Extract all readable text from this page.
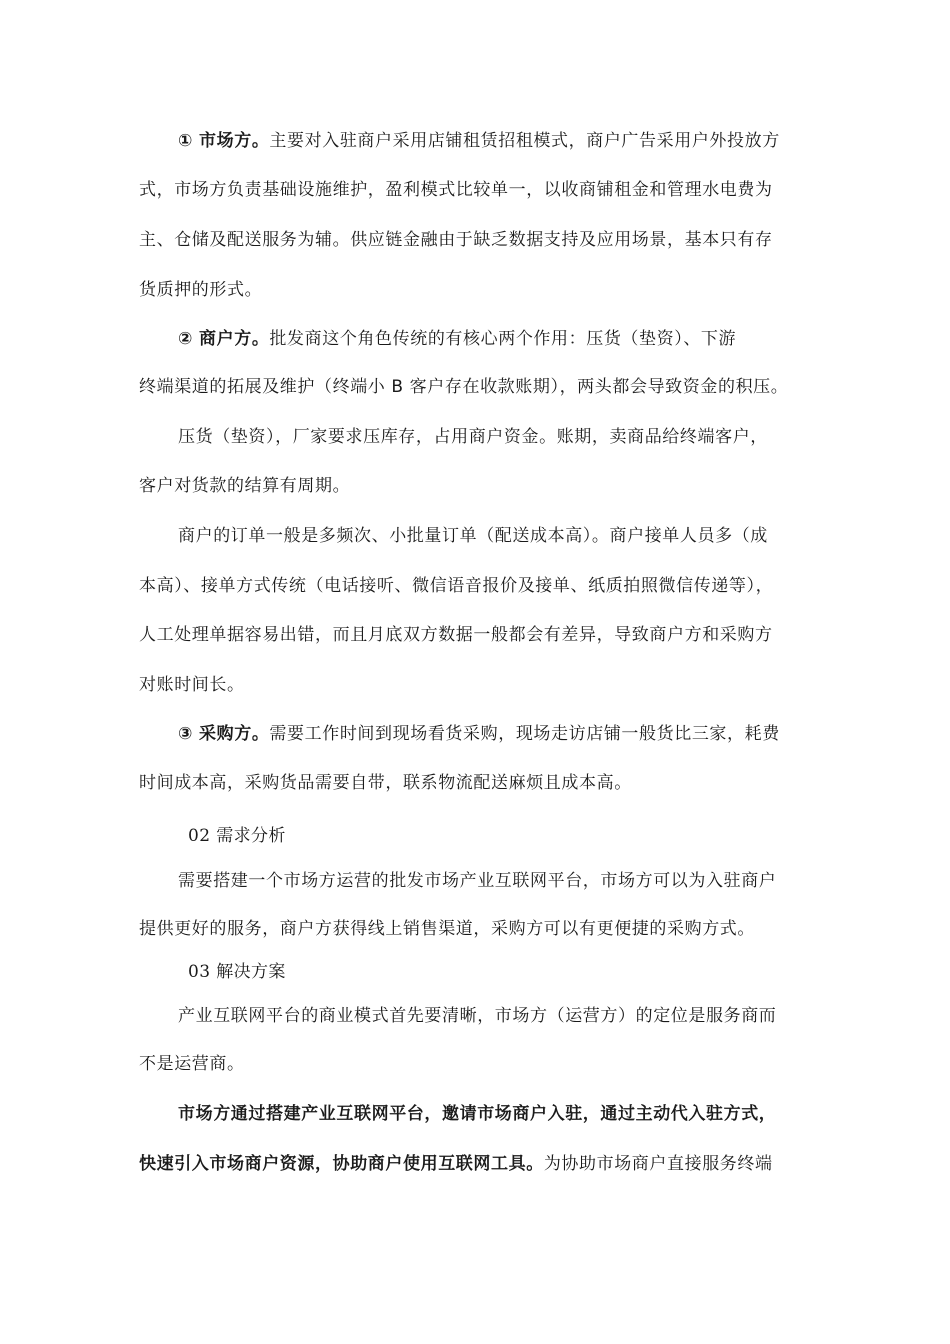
① 市场方。主要对入驻商户采用店铺租赁招租模式，商户广告采用户外投放方
式，市场方负责基础设施维护，盈利模式比较单一，以收商铺租金和管理水电费为
主、仓储及配送服务为辅。供应链金融由于缺乏数据支持及应用场景，基本只有存
货质押的形式。
② 商户方。批发商这个角色传统的有核心两个作用：压货（垫资）、下游
终端渠道的拓展及维护（终端小 B 客户存在收款账期），两头都会导致资金的积压。
压货（垫资），厂家要求压库存，占用商户资金。账期，卖商品给终端客户，
客户对货款的结算有周期。
商户的订单一般是多频次、小批量订单（配送成本高）。商户接单人员多（成
本高）、接单方式传统（电话接听、微信语音报价及接单、纸质拍照微信传递等），
人工处理单据容易出错，而且月底双方数据一般都会有差异，导致商户方和采购方
对账时间长。
③ 采购方。需要工作时间到现场看货采购，现场走访店铺一般货比三家，耗费
时间成本高，采购货品需要自带，联系物流配送麻烦且成本高。
02 需求分析
需要搭建一个市场方运营的批发市场产业互联网平台，市场方可以为入驻商户
提供更好的服务，商户方获得线上销售渠道，采购方可以有更便捷的采购方式。
03 解决方案
产业互联网平台的商业模式首先要清晰，市场方（运营方）的定位是服务商而
不是运营商。
市场方通过搭建产业互联网平台，邀请市场商户入驻，通过主动代入驻方式，
快速引入市场商户资源，协助商户使用互联网工具。为协助市场商户直接服务终端
